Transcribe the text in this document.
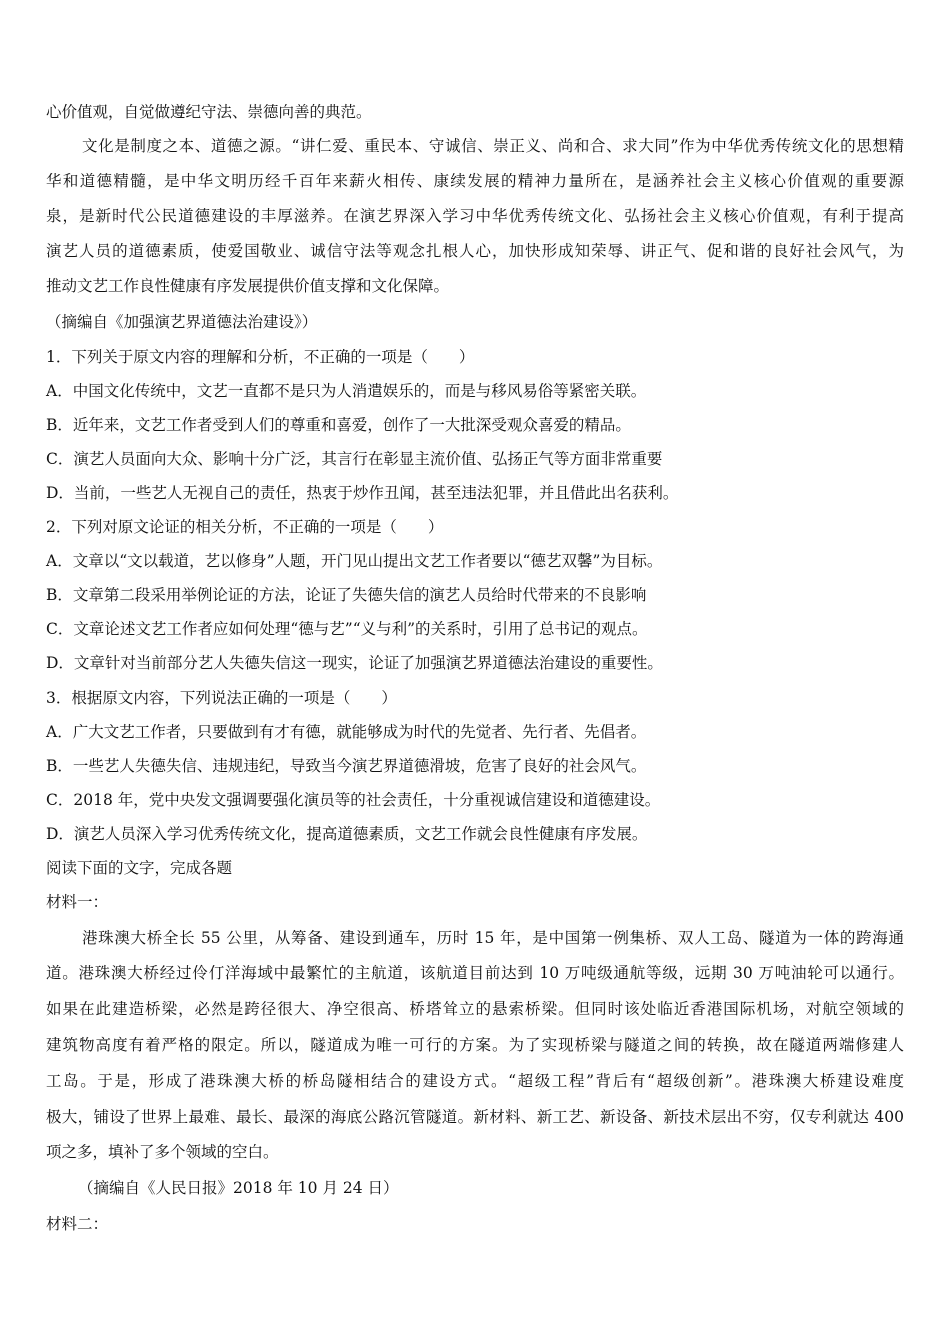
心价值观，自觉做遵纪守法、崇德向善的典范。
文化是制度之本、道德之源。“讲仁爱、重民本、守诚信、崇正义、尚和合、求大同”作为中华优秀传统文化的思想精
华和道德精髓，是中华文明历经千百年来薪火相传、康续发展的精神力量所在，是涵养社会主义核心价值观的重要源
泉，是新时代公民道德建设的丰厚滋养。在演艺界深入学习中华优秀传统文化、弘扬社会主义核心价值观，有利于提高
演艺人员的道德素质，使爱国敬业、诚信守法等观念扎根人心，加快形成知荣辱、讲正气、促和谐的良好社会风气，为
推动文艺工作良性健康有序发展提供价值支撑和文化保障。
（摘编自《加强演艺界道德法治建设》）
1．下列关于原文内容的理解和分析，不正确的一项是（　　）
A．中国文化传统中，文艺一直都不是只为人消遣娱乐的，而是与移风易俗等紧密关联。
B．近年来，文艺工作者受到人们的尊重和喜爱，创作了一大批深受观众喜爱的精品。
C．演艺人员面向大众、影响十分广泛，其言行在彰显主流价值、弘扬正气等方面非常重要
D．当前，一些艺人无视自己的责任，热衷于炒作丑闻，甚至违法犯罪，并且借此出名获利。
2．下列对原文论证的相关分析，不正确的一项是（　　）
A．文章以“文以载道，艺以修身”人题，开门见山提出文艺工作者要以“德艺双馨”为目标。
B．文章第二段采用举例论证的方法，论证了失德失信的演艺人员给时代带来的不良影响
C．文章论述文艺工作者应如何处理“德与艺”“义与利”的关系时，引用了总书记的观点。
D．文章针对当前部分艺人失德失信这一现实，论证了加强演艺界道德法治建设的重要性。
3．根据原文内容，下列说法正确的一项是（　　）
A．广大文艺工作者，只要做到有才有德，就能够成为时代的先觉者、先行者、先倡者。
B．一些艺人失德失信、违规违纪，导致当今演艺界道德滑坡，危害了良好的社会风气。
C．2018 年，党中央发文强调要强化演员等的社会责任，十分重视诚信建设和道德建设。
D．演艺人员深入学习优秀传统文化，提高道德素质，文艺工作就会良性健康有序发展。
阅读下面的文字，完成各题
材料一：
港珠澳大桥全长 55 公里，从筹备、建设到通车，历时 15 年，是中国第一例集桥、双人工岛、隧道为一体的跨海通
道。港珠澳大桥经过伶仃洋海域中最繁忙的主航道，该航道目前达到 10 万吨级通航等级，远期 30 万吨油轮可以通行。
如果在此建造桥梁，必然是跨径很大、净空很高、桥塔耸立的悬索桥梁。但同时该处临近香港国际机场，对航空领域的
建筑物高度有着严格的限定。所以，隧道成为唯一可行的方案。为了实现桥梁与隧道之间的转换，故在隧道两端修建人
工岛。于是，形成了港珠澳大桥的桥岛隧相结合的建设方式。“超级工程”背后有“超级创新”。港珠澳大桥建设难度
极大，铺设了世界上最难、最长、最深的海底公路沉管隧道。新材料、新工艺、新设备、新技术层出不穷，仅专利就达 400
项之多，填补了多个领域的空白。
（摘编自《人民日报》2018 年 10 月 24 日）
材料二：
